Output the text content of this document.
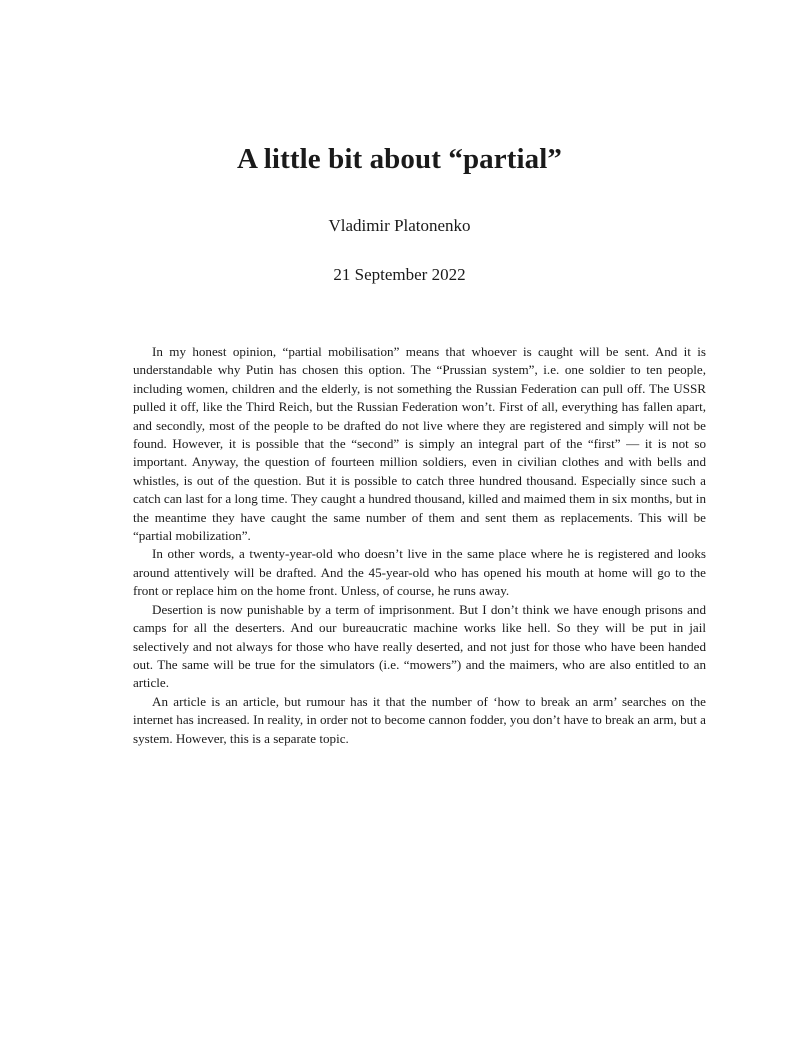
A little bit about “partial”
Vladimir Platonenko
21 September 2022

In my honest opinion, “partial mobilisation” means that whoever is caught will be sent. And it is understandable why Putin has chosen this option. The “Prussian system”, i.e. one soldier to ten people, including women, children and the elderly, is not something the Russian Federation can pull off. The USSR pulled it off, like the Third Reich, but the Russian Federation won’t. First of all, everything has fallen apart, and secondly, most of the people to be drafted do not live where they are registered and simply will not be found. However, it is possible that the “second” is simply an integral part of the “first” — it is not so important. Anyway, the question of fourteen million soldiers, even in civilian clothes and with bells and whistles, is out of the question. But it is possible to catch three hundred thousand. Especially since such a catch can last for a long time. They caught a hundred thousand, killed and maimed them in six months, but in the meantime they have caught the same number of them and sent them as replacements. This will be “partial mobilization”.

In other words, a twenty-year-old who doesn’t live in the same place where he is registered and looks around attentively will be drafted. And the 45-year-old who has opened his mouth at home will go to the front or replace him on the home front. Unless, of course, he runs away.

Desertion is now punishable by a term of imprisonment. But I don’t think we have enough prisons and camps for all the deserters. And our bureaucratic machine works like hell. So they will be put in jail selectively and not always for those who have really deserted, and not just for those who have been handed out. The same will be true for the simulators (i.e. “mowers”) and the maimers, who are also entitled to an article.

An article is an article, but rumour has it that the number of ‘how to break an arm’ searches on the internet has increased. In reality, in order not to become cannon fodder, you don’t have to break an arm, but a system. However, this is a separate topic.
